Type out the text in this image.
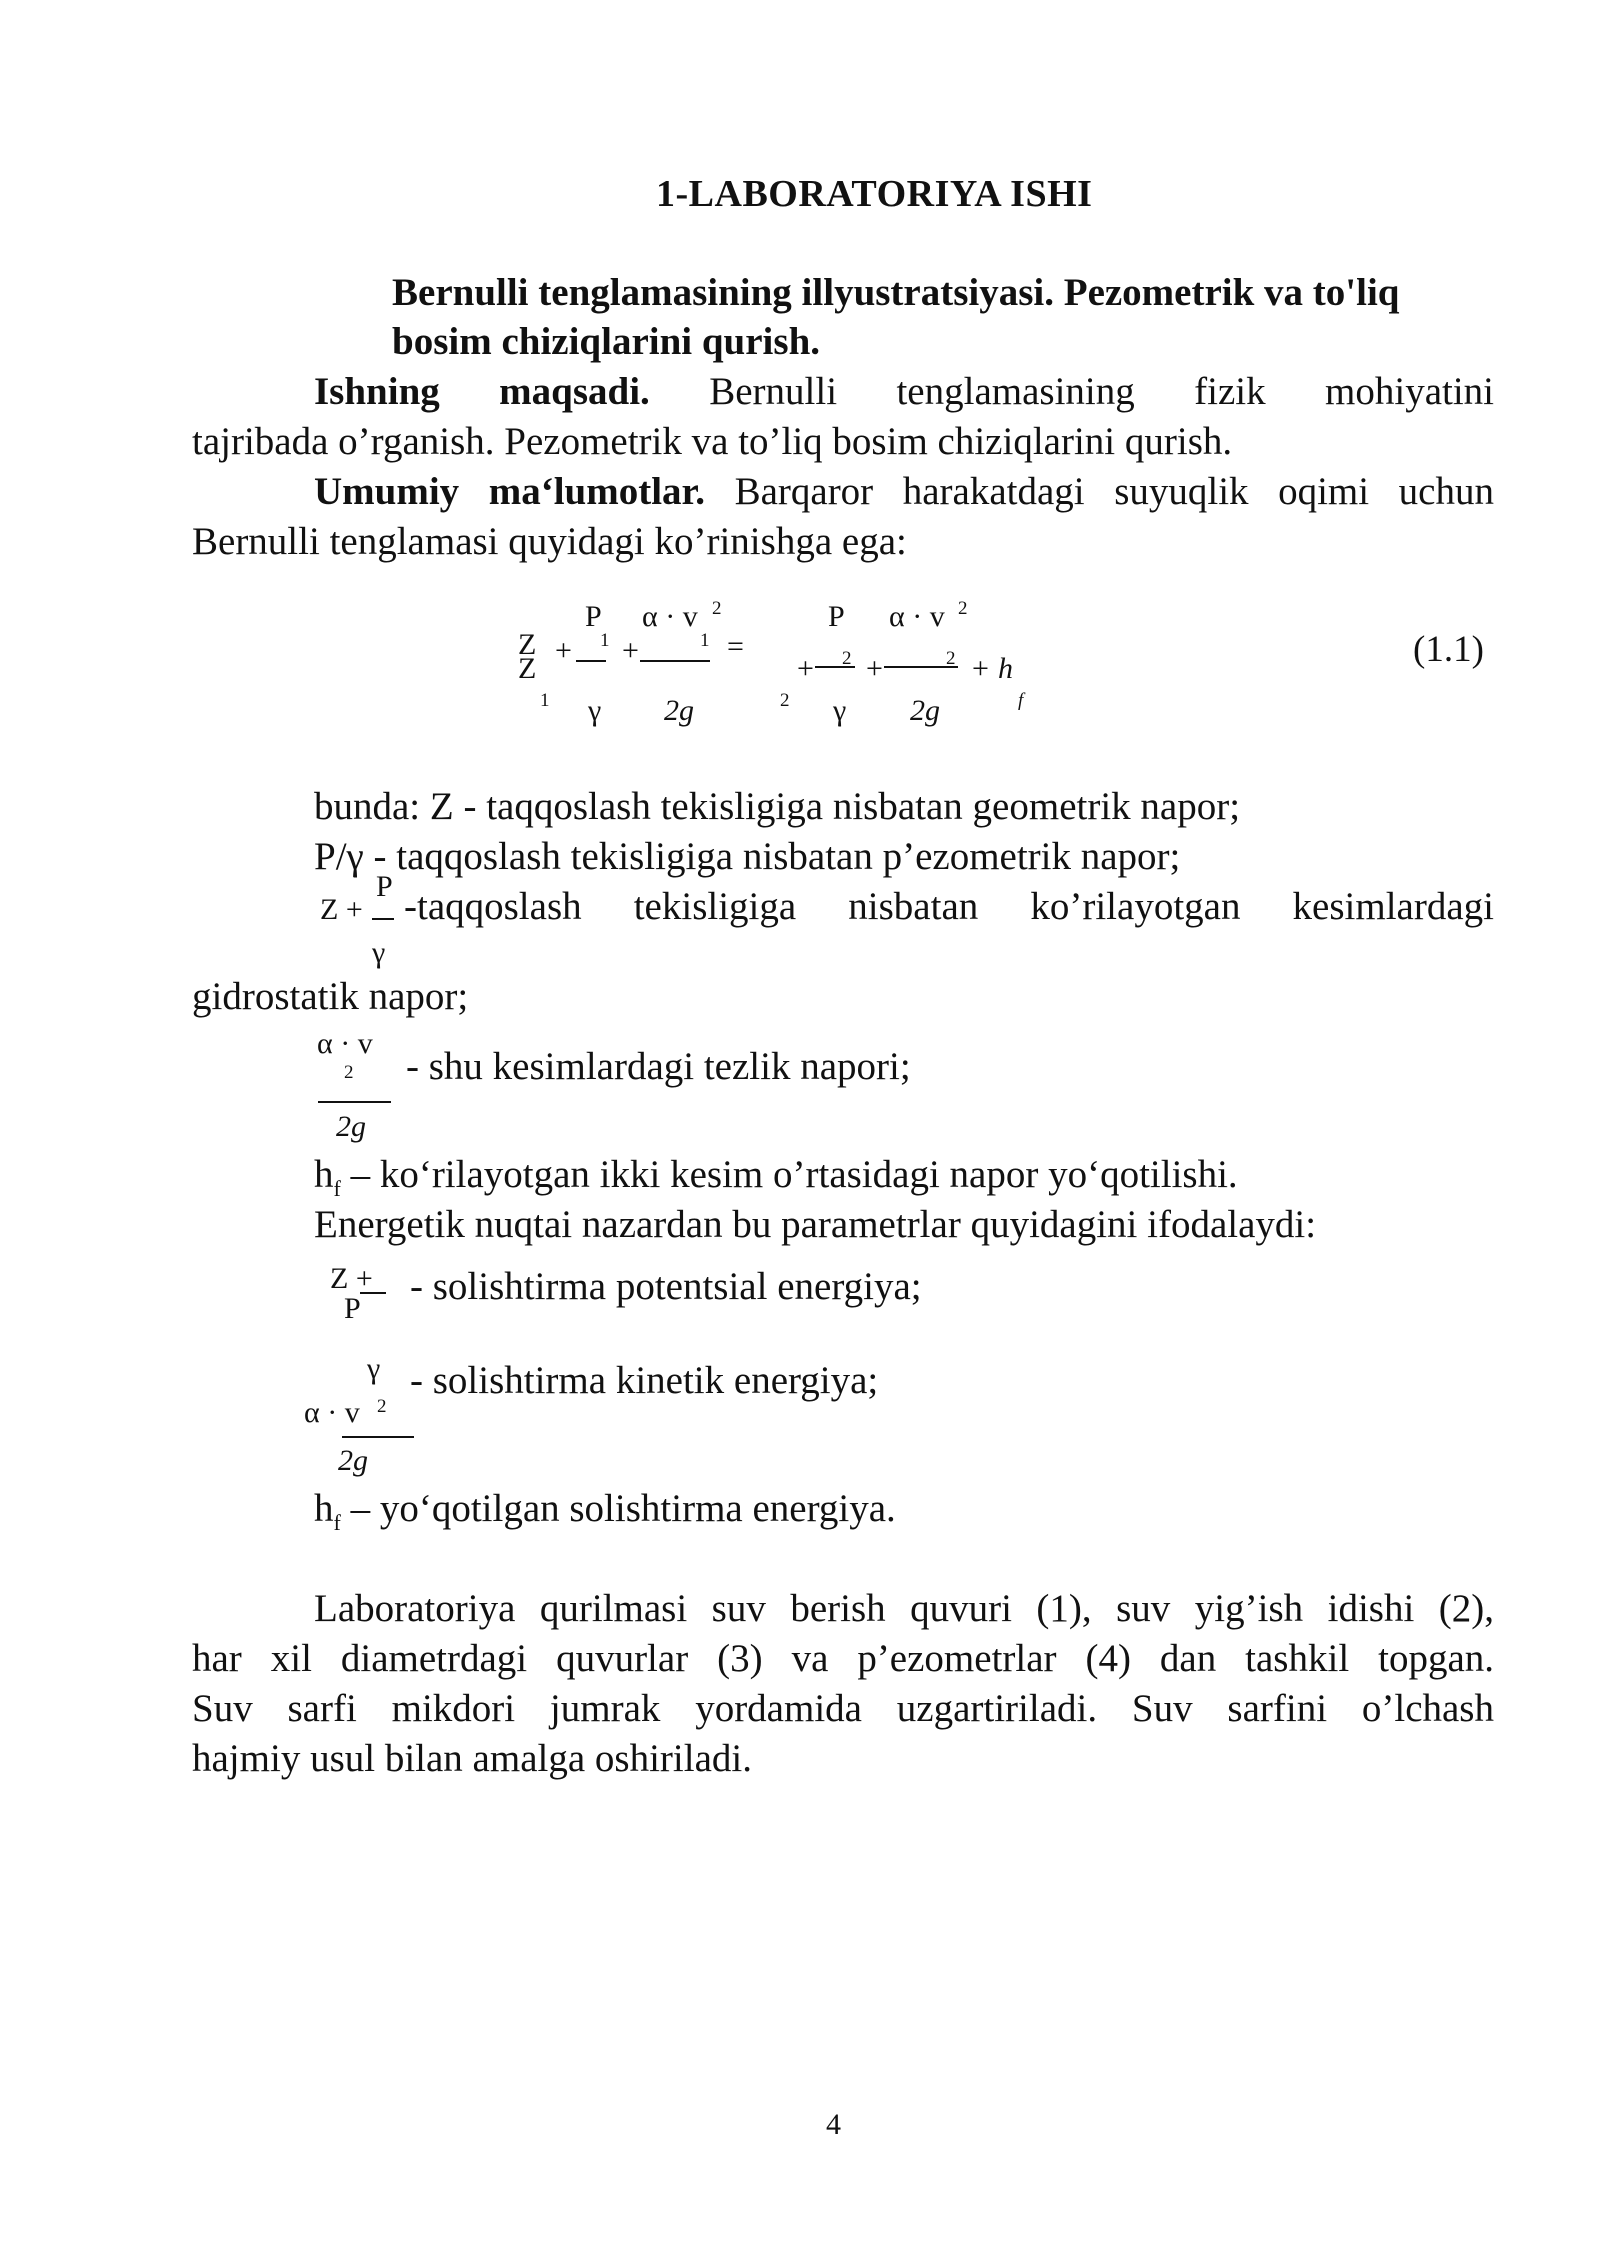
1-LABORATORIYA ISHI
Bernulli tenglamasining illyustratsiyasi. Pezometrik va to'liq
bosim chiziqlarini qurish.
Ishning maqsadi. Bernulli tenglamasining fizik mohiyatini
tajribada o’rganish. Pezometrik va to’liq bosim chiziqlarini qurish.
Umumiy ma‘lumotlar. Barqaror harakatdagi suyuqlik oqimi uchun
Bernulli tenglamasi quyidagi ko’rinishga ega:
P α · v 2	P α · v 2
Z
Z
+ 1 +	1 =
+ 2 +	2 + h
1 γ 2g	2 γ 2g	f
(1.1)
bunda: Z - taqqoslash tekisligiga nisbatan geometrik napor;
P/γ - taqqoslash tekisligiga nisbatan p’ezometrik napor;
Z +
P
γ
-taqqoslash tekisligiga nisbatan ko’rilayotgan kesimlardagi
gidrostatik napor;
α · v
2
2g
- shu kesimlardagi tezlik napori;
$h_f$ – ko‘rilayotgan ikki kesim o’rtasidagi napor yo‘qotilishi.
Energetik nuqtai nazardan bu parametrlar quyidagini ifodalaydi:
Z +
P
- solishtirma potentsial energiya;
γ
α · v 2
2g
- solishtirma kinetik energiya;
$h_f$ – yo‘qotilgan solishtirma energiya.
Laboratoriya qurilmasi suv berish quvuri (1), suv yig’ish idishi (2),
har xil diametrdagi quvurlar (3) va p’ezometrlar (4) dan tashkil topgan.
Suv sarfi mikdori jumrak yordamida uzgartiriladi. Suv sarfini o’lchash
hajmiy usul bilan amalga oshiriladi.
4
